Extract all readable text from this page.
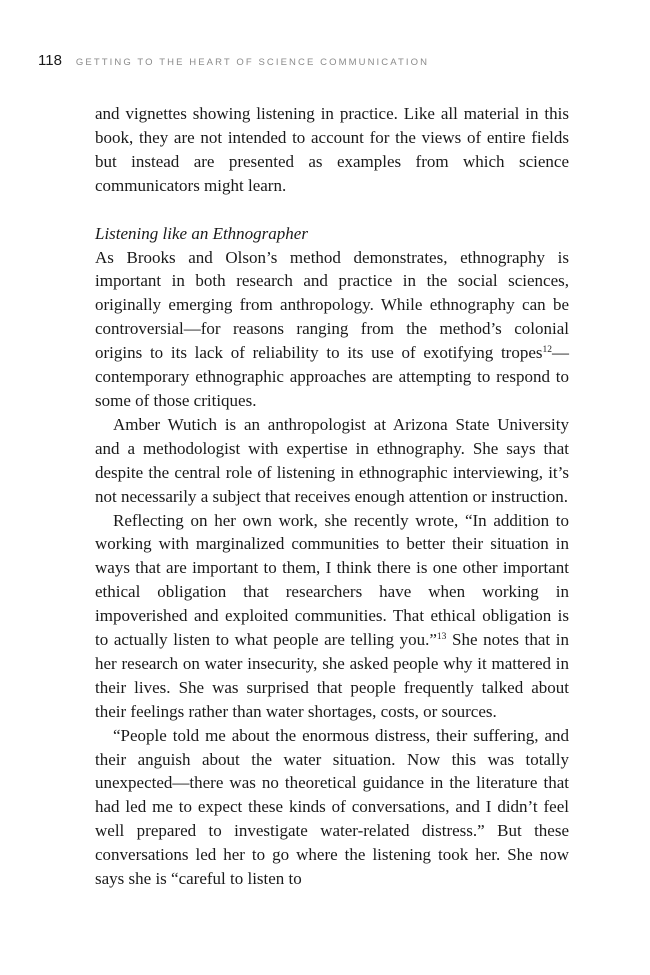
118 GETTING TO THE HEART OF SCIENCE COMMUNICATION

and vignettes showing listening in practice. Like all material in this book, they are not intended to account for the views of entire fields but instead are presented as examples from which science communicators might learn.

Listening like an Ethnographer

As Brooks and Olson’s method demonstrates, ethnography is important in both research and practice in the social sciences, originally emerging from anthropology. While ethnography can be controversial—for reasons ranging from the method’s colonial origins to its lack of reliability to its use of exotifying tropes$^{12}$—contemporary ethnographic approaches are attempting to respond to some of those critiques.

Amber Wutich is an anthropologist at Arizona State University and a methodologist with expertise in ethnography. She says that despite the central role of listening in ethnographic interviewing, it’s not necessarily a subject that receives enough attention or instruction.

Reflecting on her own work, she recently wrote, “In addition to working with marginalized communities to better their situation in ways that are important to them, I think there is one other important ethical obligation that researchers have when working in impoverished and exploited communities. That ethical obligation is to actually listen to what people are telling you.”$^{13}$ She notes that in her research on water insecurity, she asked people why it mattered in their lives. She was surprised that people frequently talked about their feelings rather than water shortages, costs, or sources.

“People told me about the enormous distress, their suffering, and their anguish about the water situation. Now this was totally unexpected—there was no theoretical guidance in the literature that had led me to expect these kinds of conversations, and I didn’t feel well prepared to investigate water-related distress.” But these conversations led her to go where the listening took her. She now says she is “careful to listen to
